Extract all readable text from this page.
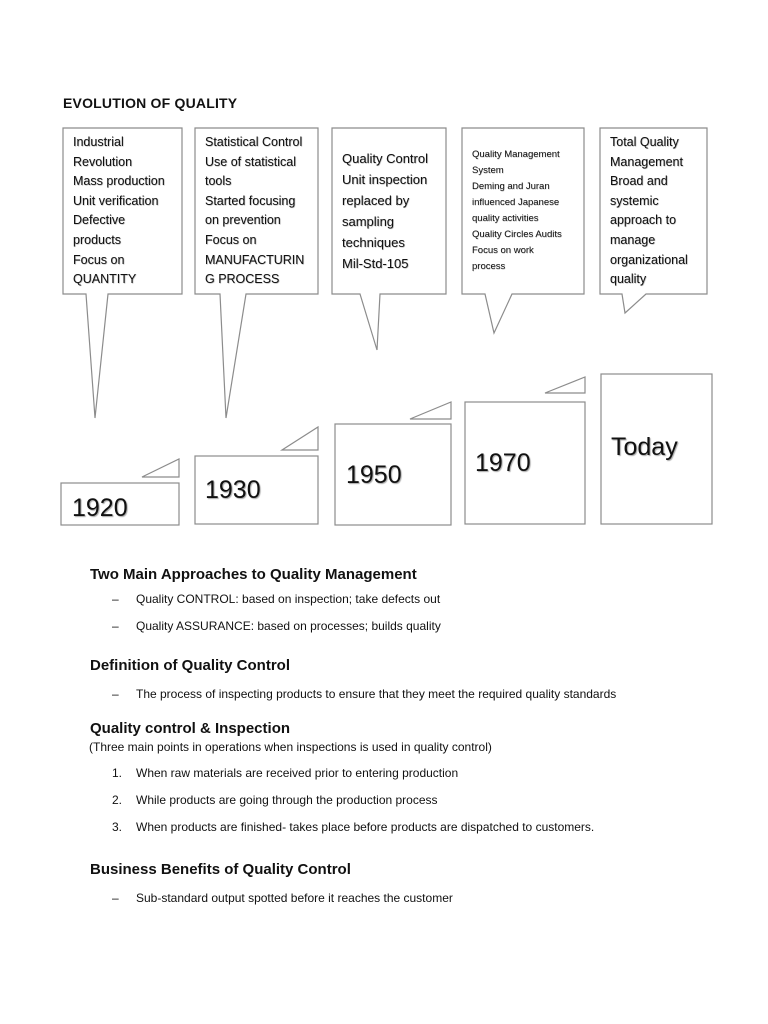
EVOLUTION OF QUALITY
Industrial
Revolution
Mass production
Unit verification
Defective
products
Focus on
QUANTITY
Statistical Control
Use of statistical
tools
Started focusing
on prevention
Focus on
MANUFACTURIN
G PROCESS
Quality Control
Unit inspection
replaced by
sampling
techniques
Mil-Std-105
Quality Management
System
Deming and Juran
influenced Japanese
quality activities
Quality Circles Audits
Focus on work
process
Total Quality
Management
Broad and
systemic
approach to
manage
organizational
quality
1920
1930
1950	1970
Today
Two Main Approaches to Quality Management
– Quality CONTROL: based on inspection; take defects out
– Quality ASSURANCE: based on processes; builds quality
Definition of Quality Control
– The process of inspecting products to ensure that they meet the required quality standards
Quality control & Inspection
(Three main points in operations when inspections is used in quality control)
1. When raw materials are received prior to entering production
2. While products are going through the production process
3. When products are finished- takes place before products are dispatched to customers.
Business Benefits of Quality Control
– Sub-standard output spotted before it reaches the customer
